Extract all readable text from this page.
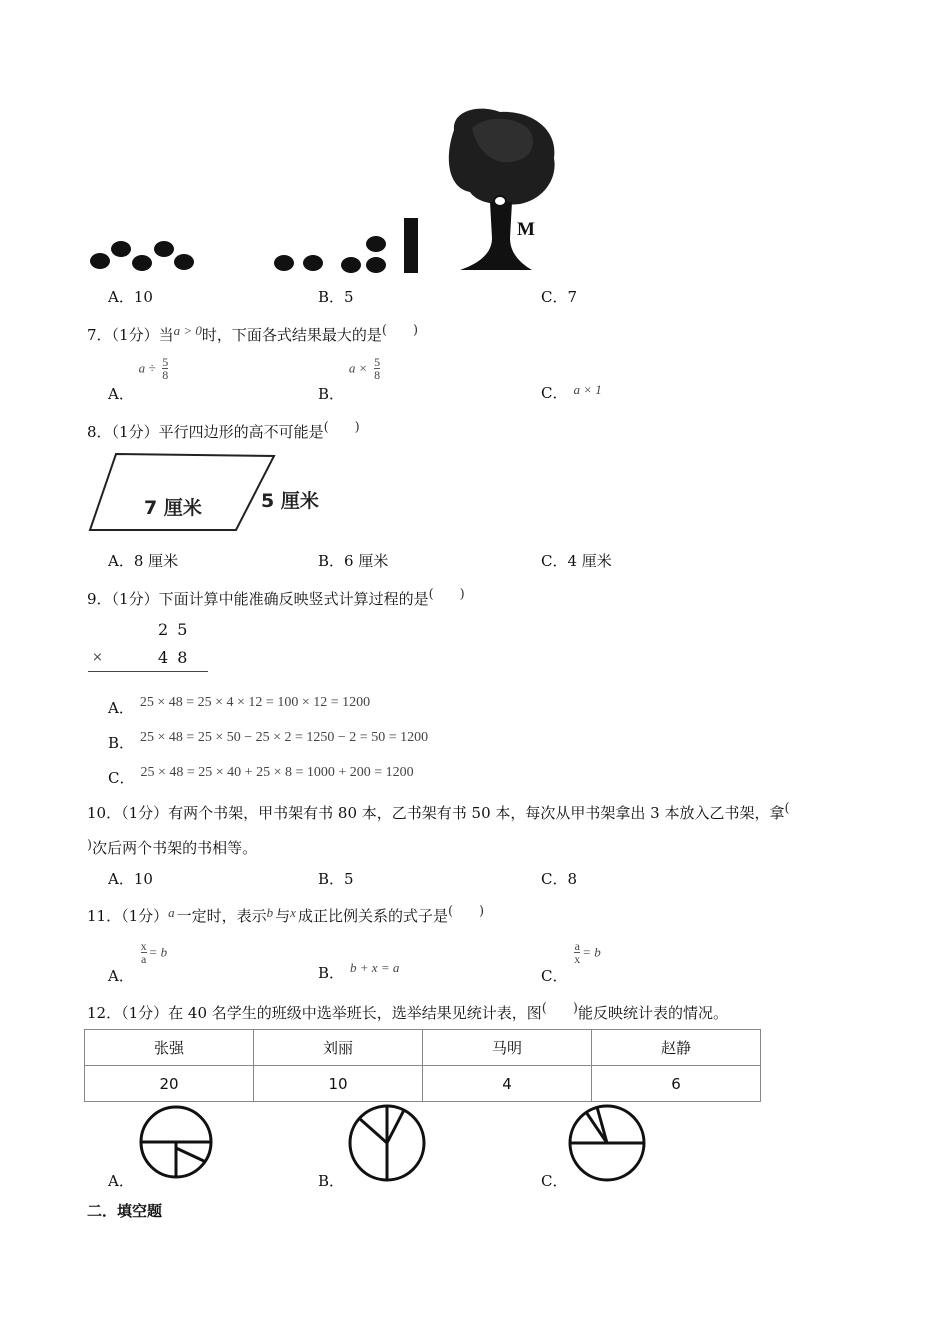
M
A．10	B．5	C．7
7．（1分）当a > 0时，下面各式结果最大的是(　　)
A． $a \div \frac{5}{8}$
B． $a \times \frac{5}{8}$
C． a × 1
8．（1分）平行四边形的高不可能是(　　)
7 厘米	5 厘米
A．8 厘米	B．6 厘米	C．4 厘米
9．（1分）下面计算中能准确反映竖式计算过程的是(　　)
2 5
×	4 8
A． 25 × 48 = 25 × 4 × 12 = 100 × 12 = 1200
B． 25 × 48 = 25 × 50 − 25 × 2 = 1250 − 2 = 50 = 1200
C． 25 × 48 = 25 × 40 + 25 × 8 = 1000 + 200 = 1200
10．（1分）有两个书架，甲书架有书 80 本，乙书架有书 50 本，每次从甲书架拿出 3 本放入乙书架，拿(
)次后两个书架的书相等。
A．10	B．5	C．8
11．（1分）a 一定时，表示b 与x 成正比例关系的式子是(　　)
A．
$\frac{x}{a} = b$
B． b + x = a	C．
$\frac{a}{x} = b$
12．（1分）在 40 名学生的班级中选举班长，选举结果见统计表，图(　　)能反映统计表的情况。
张强	刘丽	马明	赵静
20	10	4	6
A．	B．	C．
二．填空题
